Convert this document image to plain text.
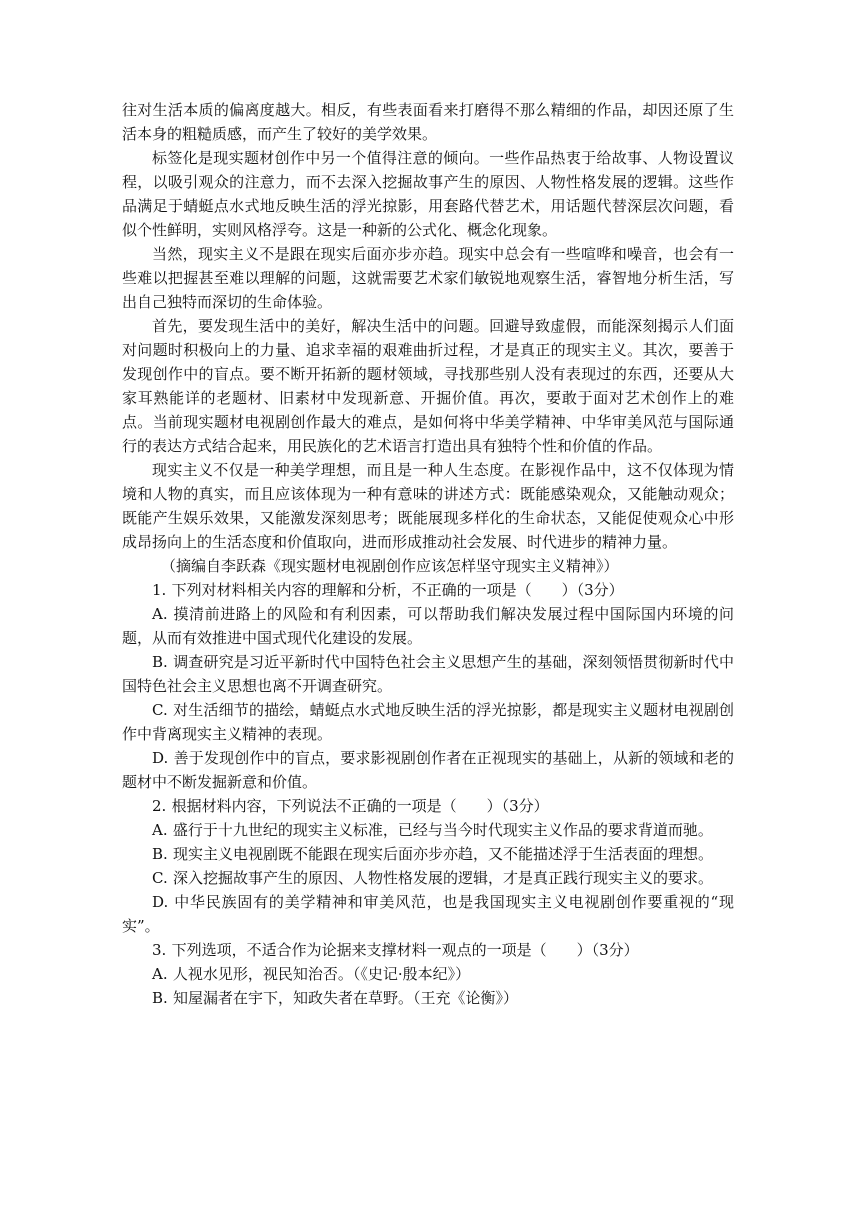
往对生活本质的偏离度越大。相反，有些表面看来打磨得不那么精细的作品，却因还原了生活本身的粗糙质感，而产生了较好的美学效果。

标签化是现实题材创作中另一个值得注意的倾向。一些作品热衷于给故事、人物设置议程，以吸引观众的注意力，而不去深入挖掘故事产生的原因、人物性格发展的逻辑。这些作品满足于蜻蜓点水式地反映生活的浮光掠影，用套路代替艺术，用话题代替深层次问题，看似个性鲜明，实则风格浮夸。这是一种新的公式化、概念化现象。

当然，现实主义不是跟在现实后面亦步亦趋。现实中总会有一些喧哗和噪音，也会有一些难以把握甚至难以理解的问题，这就需要艺术家们敏锐地观察生活，睿智地分析生活，写出自己独特而深切的生命体验。

首先，要发现生活中的美好，解决生活中的问题。回避导致虚假，而能深刻揭示人们面对问题时积极向上的力量、追求幸福的艰难曲折过程，才是真正的现实主义。其次，要善于发现创作中的盲点。要不断开拓新的题材领域，寻找那些别人没有表现过的东西，还要从大家耳熟能详的老题材、旧素材中发现新意、开掘价值。再次，要敢于面对艺术创作上的难点。当前现实题材电视剧创作最大的难点，是如何将中华美学精神、中华审美风范与国际通行的表达方式结合起来，用民族化的艺术语言打造出具有独特个性和价值的作品。

现实主义不仅是一种美学理想，而且是一种人生态度。在影视作品中，这不仅体现为情境和人物的真实，而且应该体现为一种有意味的讲述方式：既能感染观众，又能触动观众；既能产生娱乐效果，又能激发深刻思考；既能展现多样化的生命状态，又能促使观众心中形成昂扬向上的生活态度和价值取向，进而形成推动社会发展、时代进步的精神力量。

（摘编自李跃森《现实题材电视剧创作应该怎样坚守现实主义精神》）

1. 下列对材料相关内容的理解和分析，不正确的一项是（　　）（3分）

A. 摸清前进路上的风险和有利因素，可以帮助我们解决发展过程中国际国内环境的问题，从而有效推进中国式现代化建设的发展。

B. 调查研究是习近平新时代中国特色社会主义思想产生的基础，深刻领悟贯彻新时代中国特色社会主义思想也离不开调查研究。

C. 对生活细节的描绘，蜻蜓点水式地反映生活的浮光掠影，都是现实主义题材电视剧创作中背离现实主义精神的表现。

D. 善于发现创作中的盲点，要求影视剧创作者在正视现实的基础上，从新的领域和老的题材中不断发掘新意和价值。

2. 根据材料内容，下列说法不正确的一项是（　　）（3分）

A. 盛行于十九世纪的现实主义标准，已经与当今时代现实主义作品的要求背道而驰。

B. 现实主义电视剧既不能跟在现实后面亦步亦趋，又不能描述浮于生活表面的理想。

C. 深入挖掘故事产生的原因、人物性格发展的逻辑，才是真正践行现实主义的要求。

D. 中华民族固有的美学精神和审美风范，也是我国现实主义电视剧创作要重视的“现实”。

3. 下列选项，不适合作为论据来支撑材料一观点的一项是（　　）（3分）

A. 人视水见形，视民知治否。（《史记·殷本纪》）

B. 知屋漏者在宇下，知政失者在草野。（王充《论衡》）
